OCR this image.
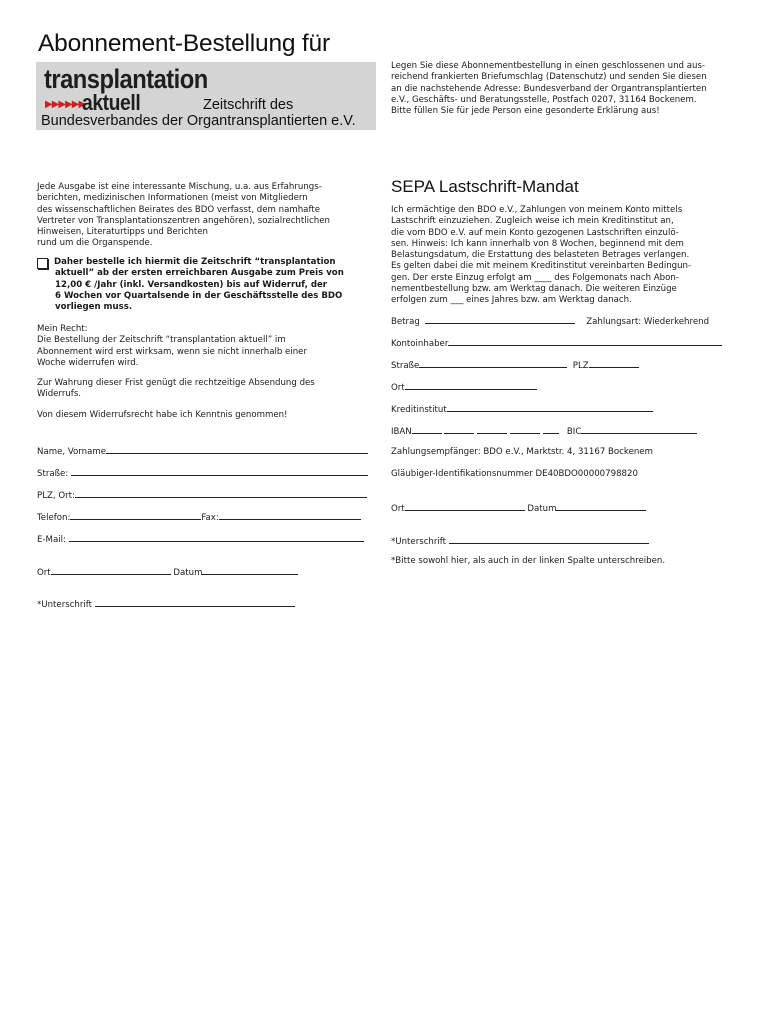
Abonnement-Bestellung für
transplantation
▶▶▶▶▶▶
aktuell	Zeitschrift des
Bundesverbandes der Organtransplantierten e.V.

Legen Sie diese Abonnementbestellung in einen geschlossenen und aus-

reichend frankierten Briefumschlag (Datenschutz) und senden Sie diesen

an die nachstehende Adresse: Bundesverband der Organtransplantierten

e.V., Geschäfts- und Beratungsstelle, Postfach 0207, 31164 Bockenem.

Bitte füllen Sie für jede Person eine gesonderte Erklärung aus!

Jede Ausgabe ist eine interessante Mischung, u.a. aus Erfahrungs-

berichten, medizinischen Informationen (meist von Mitgliedern

des wissenschaftlichen Beirates des BDO verfasst, dem namhafte

Vertreter von Transplantationszentren angehören), sozialrechtlichen

Hinweisen, Literaturtipps und Berichten

rund um die Organspende.

Daher bestelle ich hiermit die Zeitschrift “transplantation

aktuell” ab der ersten erreichbaren Ausgabe zum Preis von

12,00 € /Jahr (inkl. Versandkosten) bis auf Widerruf, der

6 Wochen vor Quartalsende in der Geschäftsstelle des BDO

vorliegen muss.

Mein Recht:

Die Bestellung der Zeitschrift “transplantation aktuell” im

Abonnement wird erst wirksam, wenn sie nicht innerhalb einer

Woche widerrufen wird.

Zur Wahrung dieser Frist genügt die rechtzeitige Absendung des

Widerrufs.

Von diesem Widerrufsrecht habe ich Kenntnis genommen!
Name, Vorname
Straße:
PLZ, Ort:
Telefon:	Fax:
E-Mail:
Ort	Datum
*Unterschrift
SEPA Lastschrift-Mandat

Ich ermächtige den BDO e.V., Zahlungen von meinem Konto mittels

Lastschrift einzuziehen. Zugleich weise ich mein Kreditinstitut an,

die vom BDO e.V. auf mein Konto gezogenen Lastschriften einzulö-

sen. Hinweis: Ich kann innerhalb von 8 Wochen, beginnend mit dem

Belastungsdatum, die Erstattung des belasteten Betrages verlangen.

Es gelten dabei die mit meinem Kreditinstitut vereinbarten Bedingun-

gen. Der erste Einzug erfolgt am ____ des Folgemonats nach Abon-

nementbestellung bzw. am Werktag danach. Die weiteren Einzüge

erfolgen zum ___ eines Jahres bzw. am Werktag danach.

Betrag	Zahlungsart: Wiederkehrend
Kontoinhaber
Straße	PLZ
Ort
Kreditinstitut
IBAN	BIC
Zahlungsempfänger: BDO e.V., Marktstr. 4, 31167 Bockenem
Gläubiger-Identifikationsnummer DE40BDO00000798820
Ort	Datum
*Unterschrift
*Bitte sowohl hier, als auch in der linken Spalte unterschreiben.
